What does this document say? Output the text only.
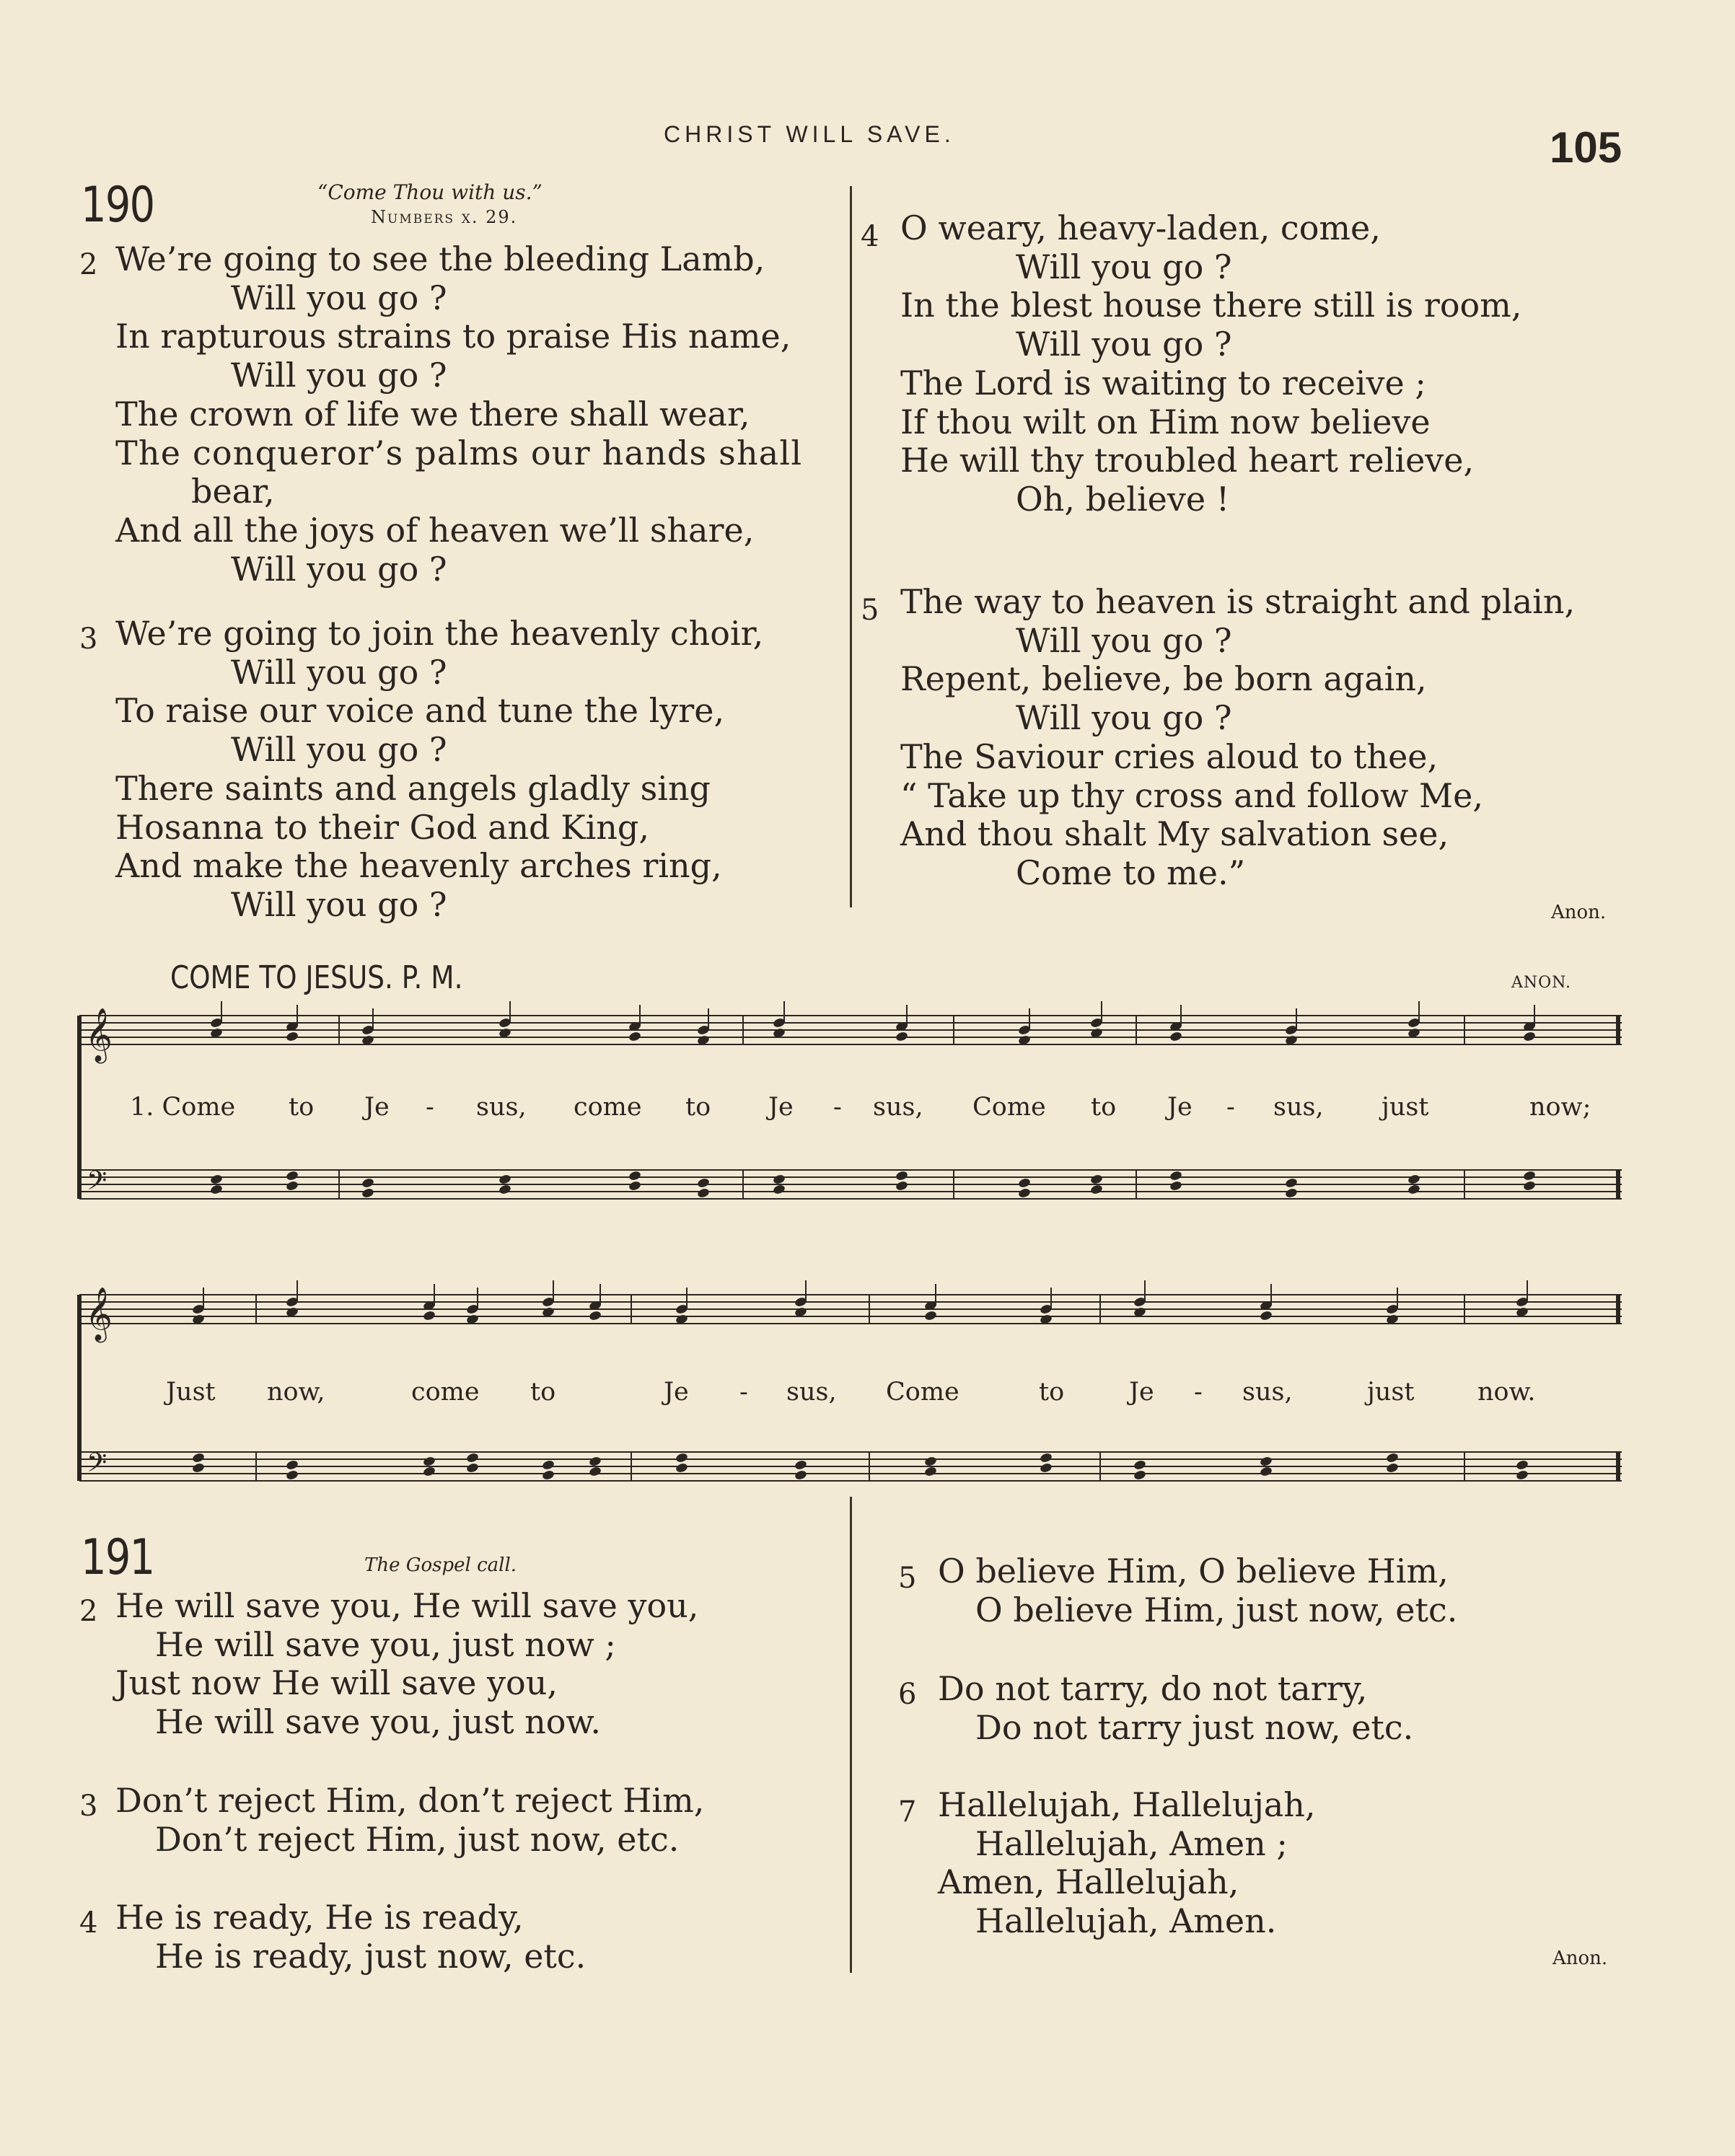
CHRIST WILL SAVE.	105
190	“Come Thou with us.”
Numbers x. 29.
2 We’re going to see the bleeding Lamb,
Will you go ?
In rapturous strains to praise His name,
Will you go ?
The crown of life we there shall wear,
The conqueror’s palms our hands shall
bear,
And all the joys of heaven we’ll share,
Will you go ?
3 We’re going to join the heavenly choir,
Will you go ?
To raise our voice and tune the lyre,
Will you go ?
There saints and angels gladly sing
Hosanna to their God and King,
And make the heavenly arches ring,
Will you go ?
4 O weary, heavy-laden, come,
Will you go ?
In the blest house there still is room,
Will you go ?
The Lord is waiting to receive ;
If thou wilt on Him now believe
He will thy troubled heart relieve,
Oh, believe !
5 The way to heaven is straight and plain,
Will you go ?
Repent, believe, be born again,
Will you go ?
The Saviour cries aloud to thee,
“ Take up thy cross and follow Me,
And thou shalt My salvation see,
Come to me.”
Anon.
COME TO JESUS. P. M.	ANON.
𝄞
𝄢
𝄞
𝄢
1. Come to Je - sus, come to Je - sus, Come to Je - sus, just	now;
Just now,	come to	Je - sus, Come	to	Je - sus,	just	now.
191	The Gospel call.
2 He will save you, He will save you,
He will save you, just now ;
Just now He will save you,
He will save you, just now.
3 Don’t reject Him, don’t reject Him,
Don’t reject Him, just now, etc.
4 He is ready, He is ready,
He is ready, just now, etc.
5 O believe Him, O believe Him,
O believe Him, just now, etc.
6 Do not tarry, do not tarry,
Do not tarry just now, etc.
7 Hallelujah, Hallelujah,
Hallelujah, Amen ;
Amen, Hallelujah,
Hallelujah, Amen.
Anon.
